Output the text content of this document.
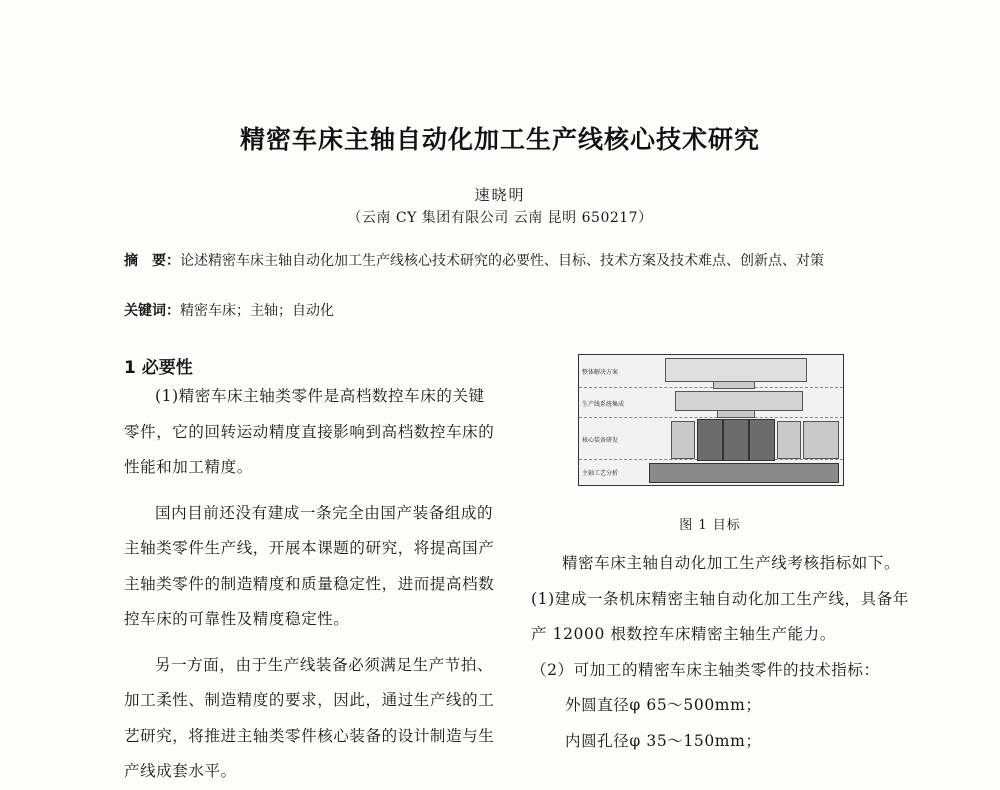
精密车床主轴自动化加工生产线核心技术研究
速晓明
（云南 CY 集团有限公司 云南 昆明 650217）
摘　要：论述精密车床主轴自动化加工生产线核心技术研究的必要性、目标、技术方案及技术难点、创新点、对策
关键词：精密车床；主轴；自动化
1 必要性

(1)精密车床主轴类零件是高档数控车床的关键零件，它的回转运动精度直接影响到高档数控车床的性能和加工精度。

国内目前还没有建成一条完全由国产装备组成的主轴类零件生产线，开展本课题的研究，将提高国产主轴类零件的制造精度和质量稳定性，进而提高档数控车床的可靠性及精度稳定性。

另一方面，由于生产线装备必须满足生产节拍、加工柔性、制造精度的要求，因此，通过生产线的工艺研究，将推进主轴类零件核心装备的设计制造与生产线成套水平。

整体解决方案
生产线系统集成
核心装备研发
主轴工艺分析
图 1 目标

精密车床主轴自动化加工生产线考核指标如下。(1)建成一条机床精密主轴自动化加工生产线，具备年产 12000 根数控车床精密主轴生产能力。

（2）可加工的精密车床主轴类零件的技术指标：

外圆直径φ 65～500mm；

内圆孔径φ 35～150mm；
